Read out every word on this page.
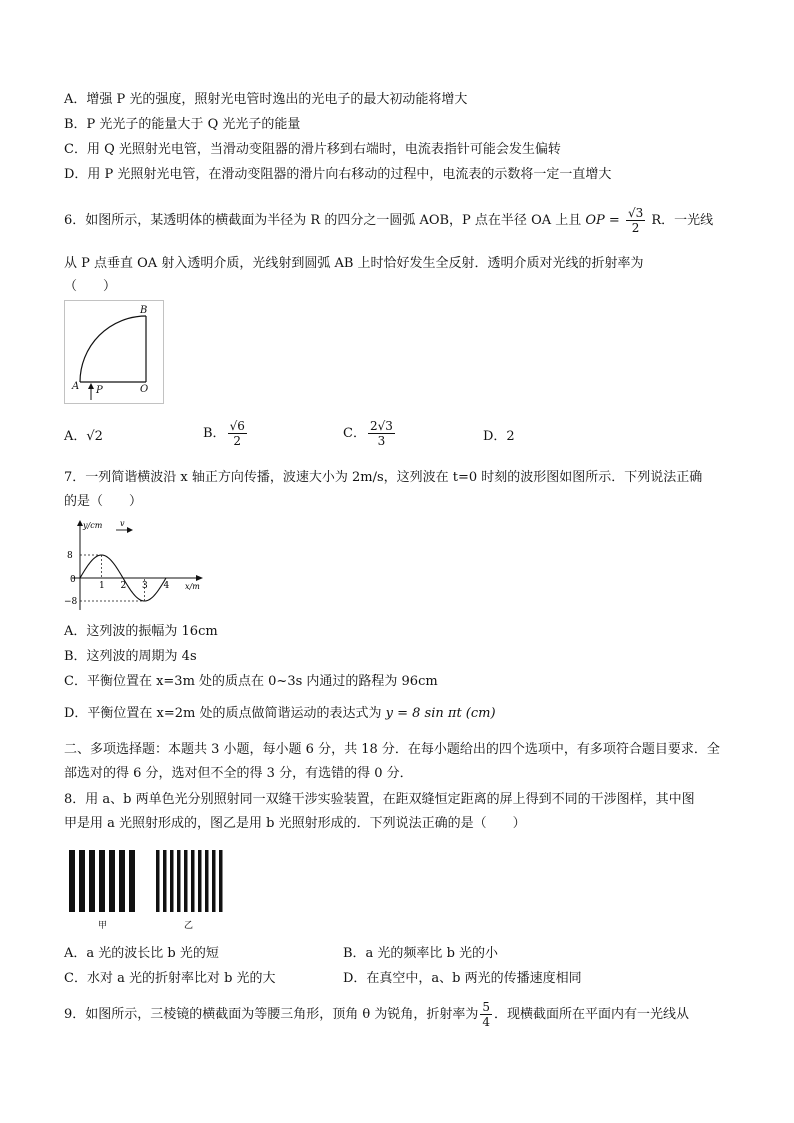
A．增强 P 光的强度，照射光电管时逸出的光电子的最大初动能将增大
B．P 光光子的能量大于 Q 光光子的能量
C．用 Q 光照射光电管，当滑动变阻器的滑片移到右端时，电流表指针可能会发生偏转
D．用 P 光照射光电管，在滑动变阻器的滑片向右移动的过程中，电流表的示数将一定一直增大
6．如图所示，某透明体的横截面为半径为 R 的四分之一圆弧 AOB，P 点在半径 OA 上且 OP = $\frac{√3}{2}$ R．一光线
从 P 点垂直 OA 射入透明介质，光线射到圆弧 AB 上时恰好发生全反射．透明介质对光线的折射率为
（　　）
A
B
O
P
A．√2	B． $\frac{√6}{2}$	C． $\frac{2√3}{3}$	D．2
7．一列简谐横波沿 x 轴正方向传播，波速大小为 2m/s，这列波在 t=0 时刻的波形图如图所示．下列说法正确
的是（　　）
v
y/cm
x/m
8
0
−8
1 2 3 4
A．这列波的振幅为 16cm
B．这列波的周期为 4s
C．平衡位置在 x=3m 处的质点在 0~3s 内通过的路程为 96cm
D．平衡位置在 x=2m 处的质点做简谐运动的表达式为 y = 8 sin πt (cm)
二、多项选择题：本题共 3 小题，每小题 6 分，共 18 分．在每小题给出的四个选项中，有多项符合题目要求．全
部选对的得 6 分，选对但不全的得 3 分，有选错的得 0 分．
8．用 a、b 两单色光分别照射同一双缝干涉实验装置，在距双缝恒定距离的屏上得到不同的干涉图样，其中图
甲是用 a 光照射形成的，图乙是用 b 光照射形成的．下列说法正确的是（　　）
甲	乙
A．a 光的波长比 b 光的短	B．a 光的频率比 b 光的小
C．水对 a 光的折射率比对 b 光的大	D．在真空中，a、b 两光的传播速度相同
9．如图所示，三棱镜的横截面为等腰三角形，顶角 θ 为锐角，折射率为 $\frac{5}{4}$ ．现横截面所在平面内有一光线从
